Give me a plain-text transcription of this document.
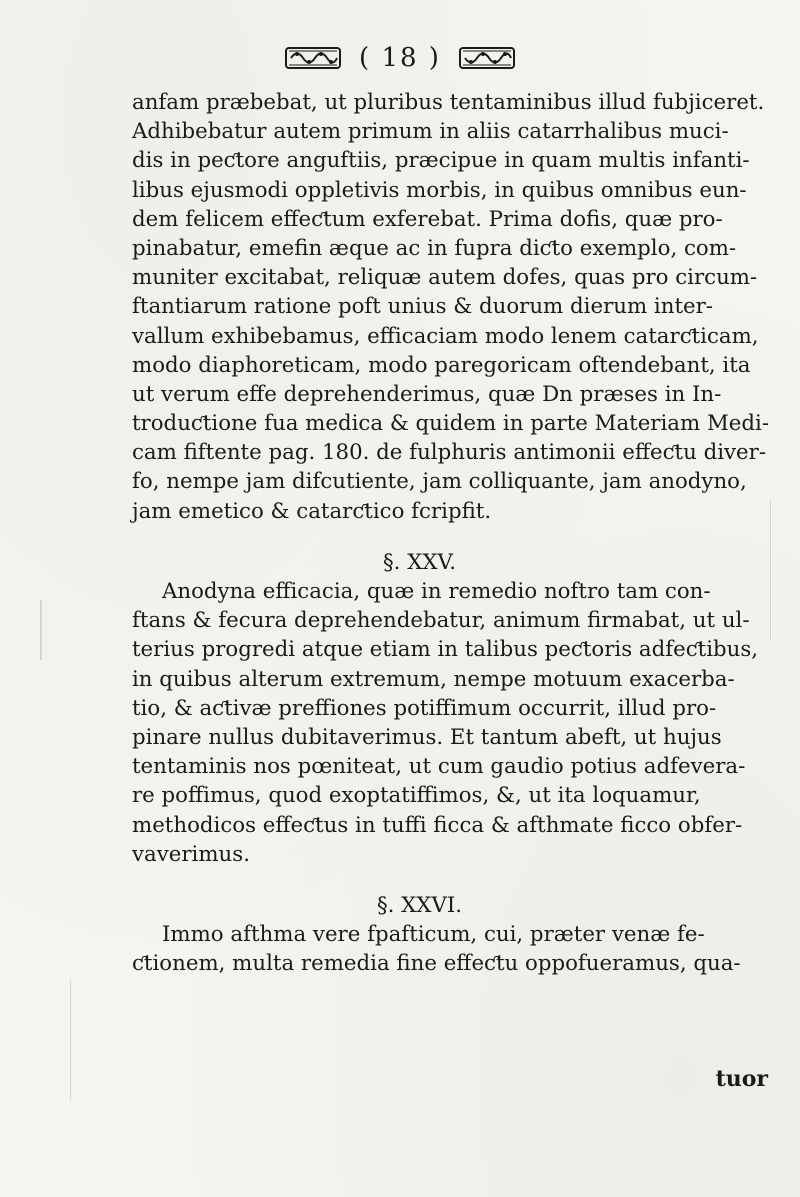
( 18 )
anfam præbebat, ut pluribus tentaminibus illud fubjiceret.
Adhibebatur autem primum in aliis catarrhalibus muci-
dis in peƈtore anguftiis, præcipue in quam multis infanti-
libus ejusmodi oppletivis morbis, in quibus omnibus eun-
dem felicem effeƈtum exferebat. Prima dofis, quæ pro-
pinabatur, emefin æque ac in fupra diƈto exemplo, com-
muniter excitabat, reliquæ autem dofes, quas pro circum-
ftantiarum ratione poft unius & duorum dierum inter-
vallum exhibebamus, efficaciam modo lenem catarƈticam,
modo diaphoreticam, modo paregoricam oftendebant, ita
ut verum effe deprehenderimus, quæ Dn præses in In-
troduƈtione fua medica & quidem in parte Materiam Medi-
cam fiftente pag. 180. de fulphuris antimonii effeƈtu diver-
fo, nempe jam difcutiente, jam colliquante, jam anodyno,
jam emetico & catarƈtico fcripfit.
§. XXV.
Anodyna efficacia, quæ in remedio noftro tam con-
ftans & fecura deprehendebatur, animum firmabat, ut ul-
terius progredi atque etiam in talibus peƈtoris adfeƈtibus,
in quibus alterum extremum, nempe motuum exacerba-
tio, & aƈtivæ preffiones potiffimum occurrit, illud pro-
pinare nullus dubitaverimus. Et tantum abeft, ut hujus
tentaminis nos pœniteat, ut cum gaudio potius adfevera-
re poffimus, quod exoptatiffimos, &, ut ita loquamur,
methodicos effeƈtus in tuffi ficca & afthmate ficco obfer-
vaverimus.
§. XXVI.
Immo afthma vere fpafticum, cui, præter venæ fe-
ƈtionem, multa remedia fine effeƈtu oppofueramus, qua-
tuor
